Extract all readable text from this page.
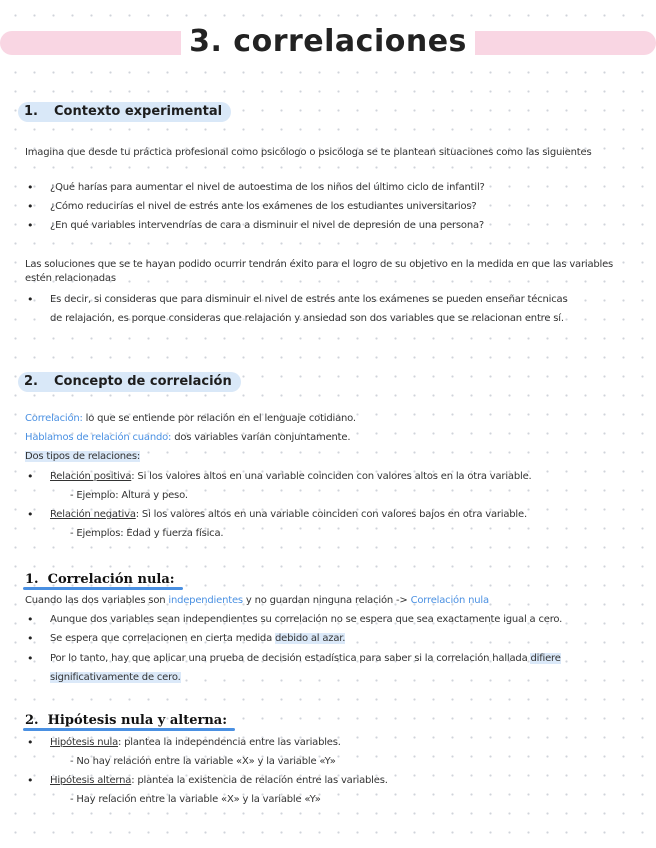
3. correlaciones
1. Contexto experimental
Imagina que desde tu práctica profesional como psicólogo o psicóloga se te plantean situaciones como las siguientes
• ¿Qué harías para aumentar el nivel de autoestima de los niños del último ciclo de infantil?
• ¿Cómo reducirías el nivel de estrés ante los exámenes de los estudiantes universitarios?
• ¿En qué variables intervendrías de cara a disminuir el nivel de depresión de una persona?
Las soluciones que se te hayan podido ocurrir tendrán éxito para el logro de su objetivo en la medida en que las variables estén relacionadas
• Es decir, si consideras que para disminuir el nivel de estrés ante los exámenes se pueden enseñar técnicas
de relajación, es porque consideras que relajación y ansiedad son dos variables que se relacionan entre sí.
2. Concepto de correlación
Correlación: lo que se entiende por relación en el lenguaje cotidiano.
Hablamos de relación cuando: dos variables varían conjuntamente.
Dos tipos de relaciones:
• Relación positiva: Si los valores altos en una variable coinciden con valores altos en la otra variable.
- Ejemplo: Altura y peso.
• Relación negativa: Si los valores altos en una variable coinciden con valores bajos en otra variable.
- Ejemplos: Edad y fuerza física.
1. Correlación nula:
Cuando las dos variables son independientes y no guardan ninguna relación -> Correlación nula
• Aunque dos variables sean independientes su correlación no se espera que sea exactamente igual a cero.
• Se espera que correlacionen en cierta medida debido al azar.
• Por lo tanto, hay que aplicar una prueba de decisión estadística para saber si la correlación hallada difiere
significativamente de cero.
2. Hipótesis nula y alterna:
• Hipótesis nula: plantea la independencia entre las variables.
- No hay relación entre la variable «X» y la variable «Y»
• Hipótesis alterna: plantea la existencia de relación entre las variables.
- Hay relación entre la variable «X» y la variable «Y»
